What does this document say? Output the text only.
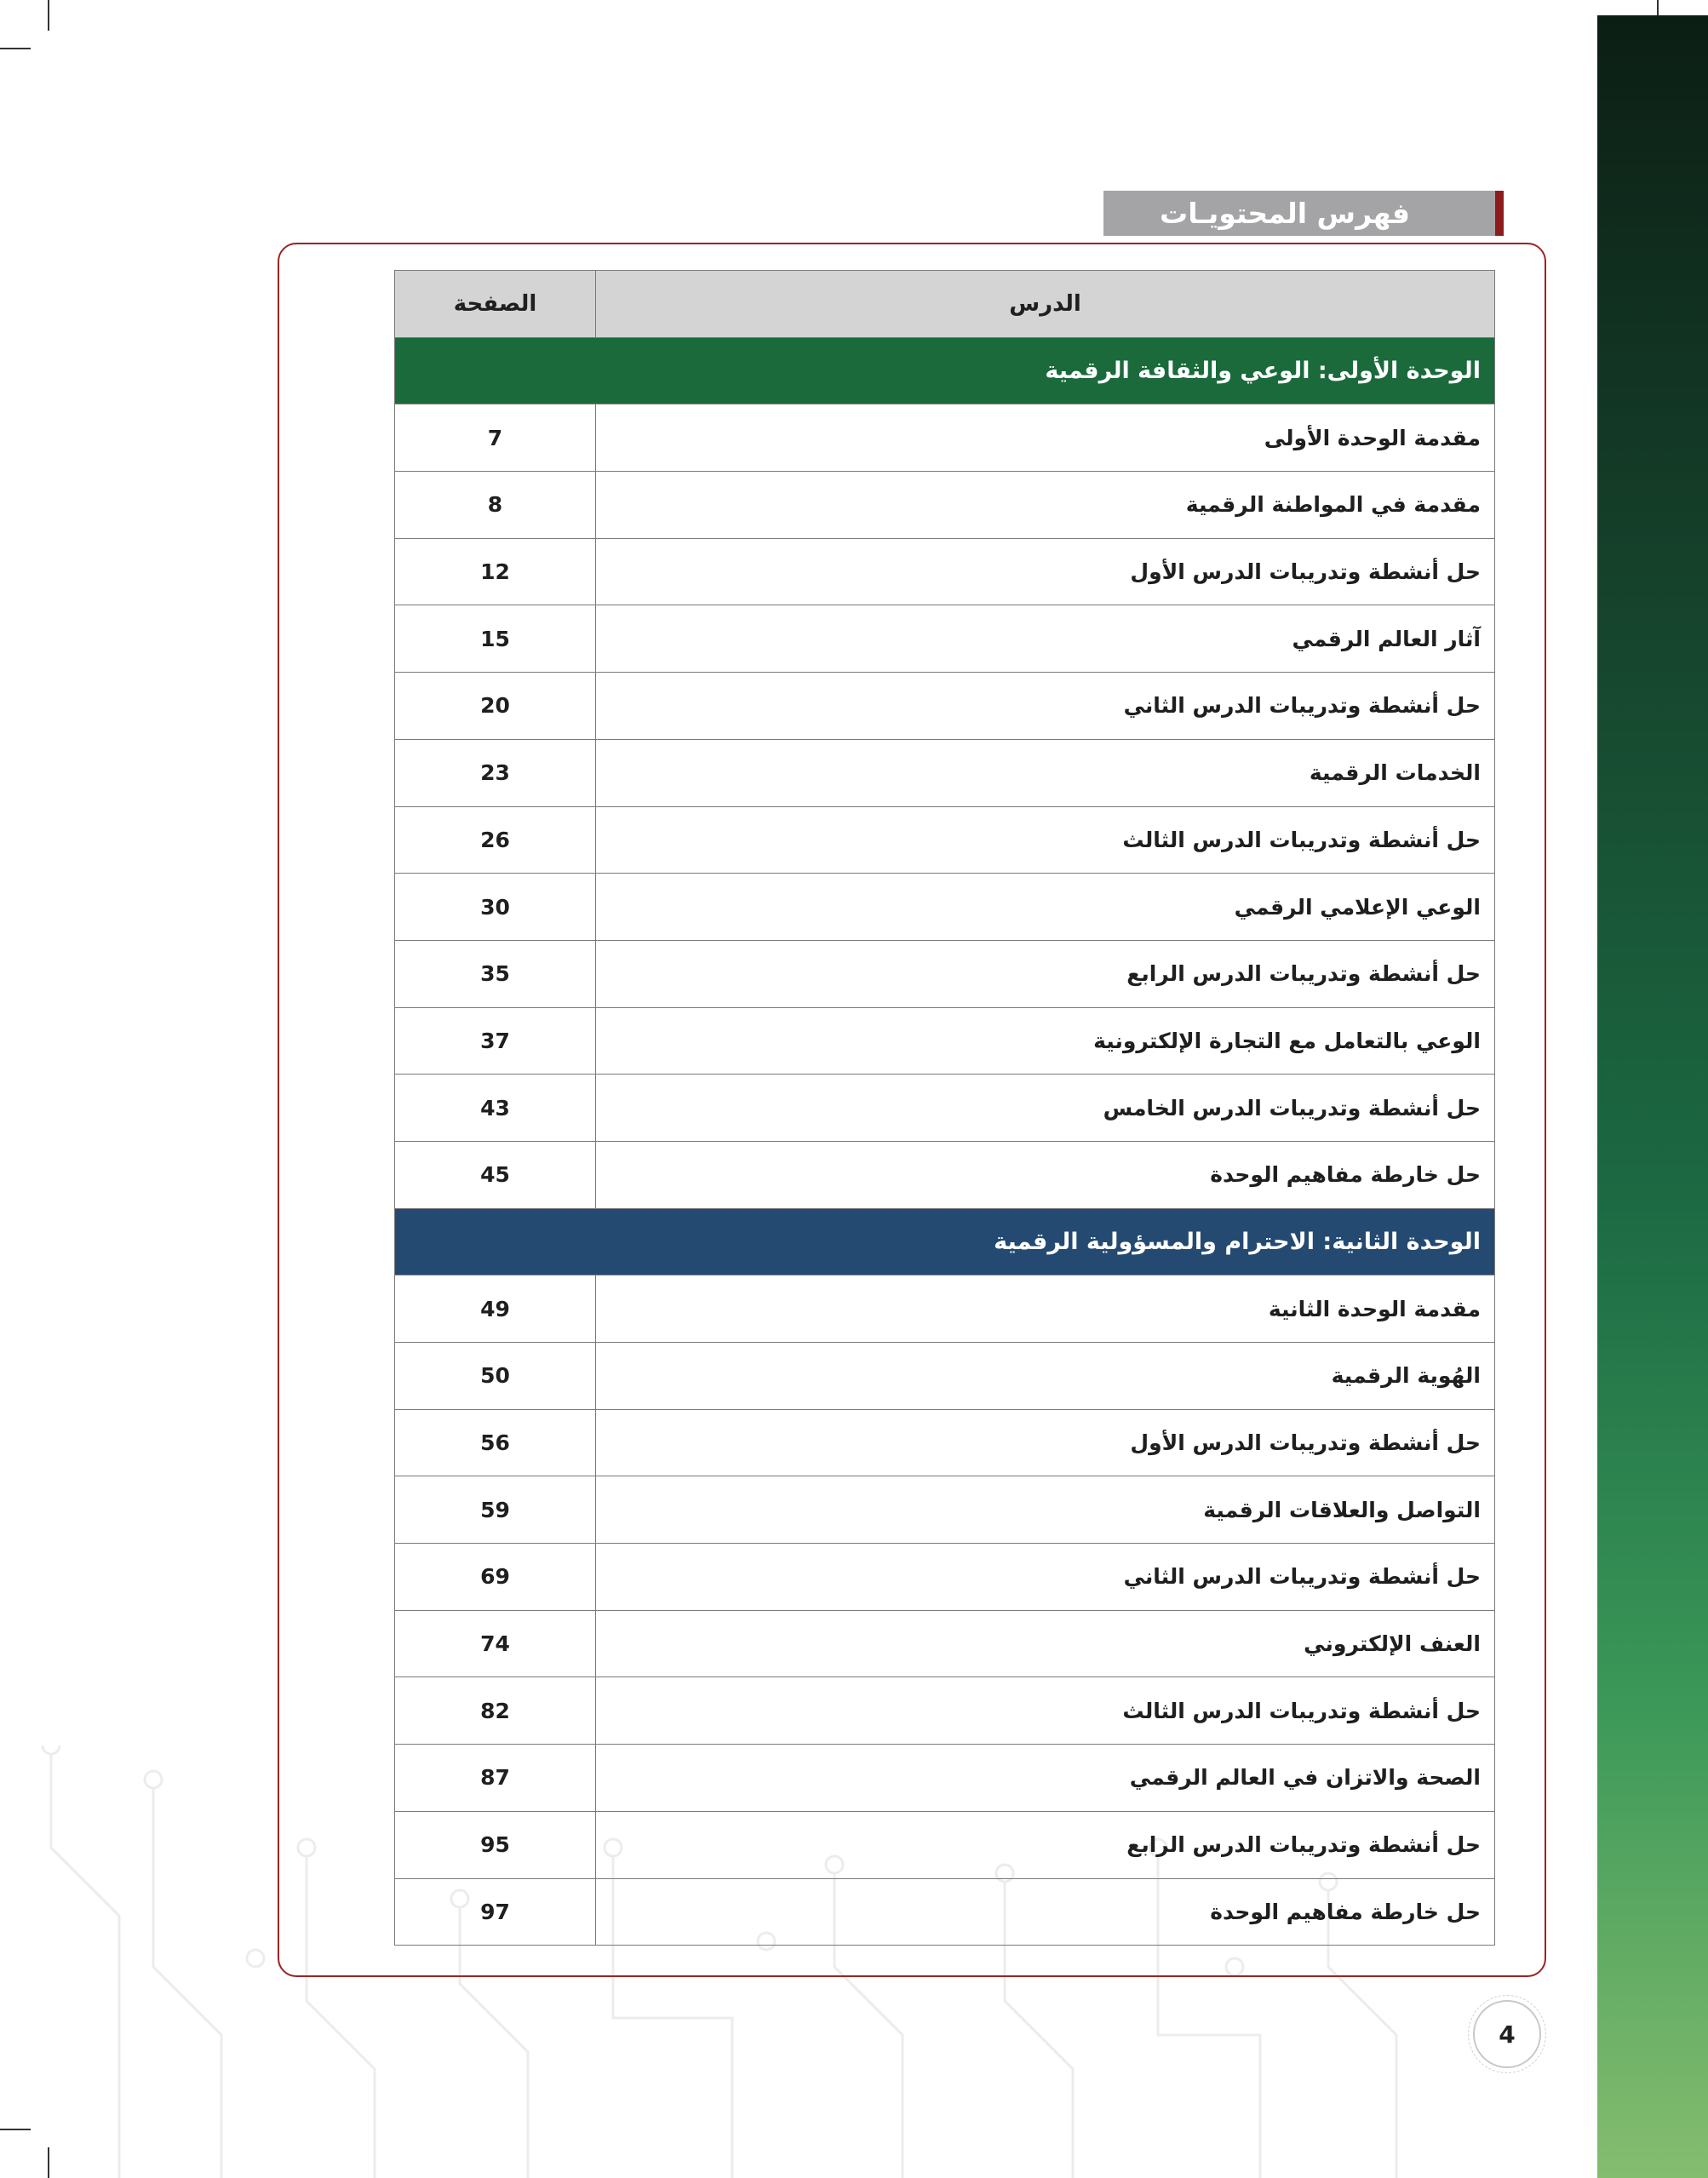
فهرس المحتويـات
الدرس	الصفحة
الوحدة الأولى: الوعي والثقافة الرقمية	
مقدمة الوحدة الأولى	7
مقدمة في المواطنة الرقمية	8
حل أنشطة وتدريبات الدرس الأول	12
آثار العالم الرقمي	15
حل أنشطة وتدريبات الدرس الثاني	20
الخدمات الرقمية	23
حل أنشطة وتدريبات الدرس الثالث	26
الوعي الإعلامي الرقمي	30
حل أنشطة وتدريبات الدرس الرابع	35
الوعي بالتعامل مع التجارة الإلكترونية	37
حل أنشطة وتدريبات الدرس الخامس	43
حل خارطة مفاهيم الوحدة	45
الوحدة الثانية: الاحترام والمسؤولية الرقمية	
مقدمة الوحدة الثانية	49
الهُوية الرقمية	50
حل أنشطة وتدريبات الدرس الأول	56
التواصل والعلاقات الرقمية	59
حل أنشطة وتدريبات الدرس الثاني	69
العنف الإلكتروني	74
حل أنشطة وتدريبات الدرس الثالث	82
الصحة والاتزان في العالم الرقمي	87
حل أنشطة وتدريبات الدرس الرابع	95
حل خارطة مفاهيم الوحدة	97
4
